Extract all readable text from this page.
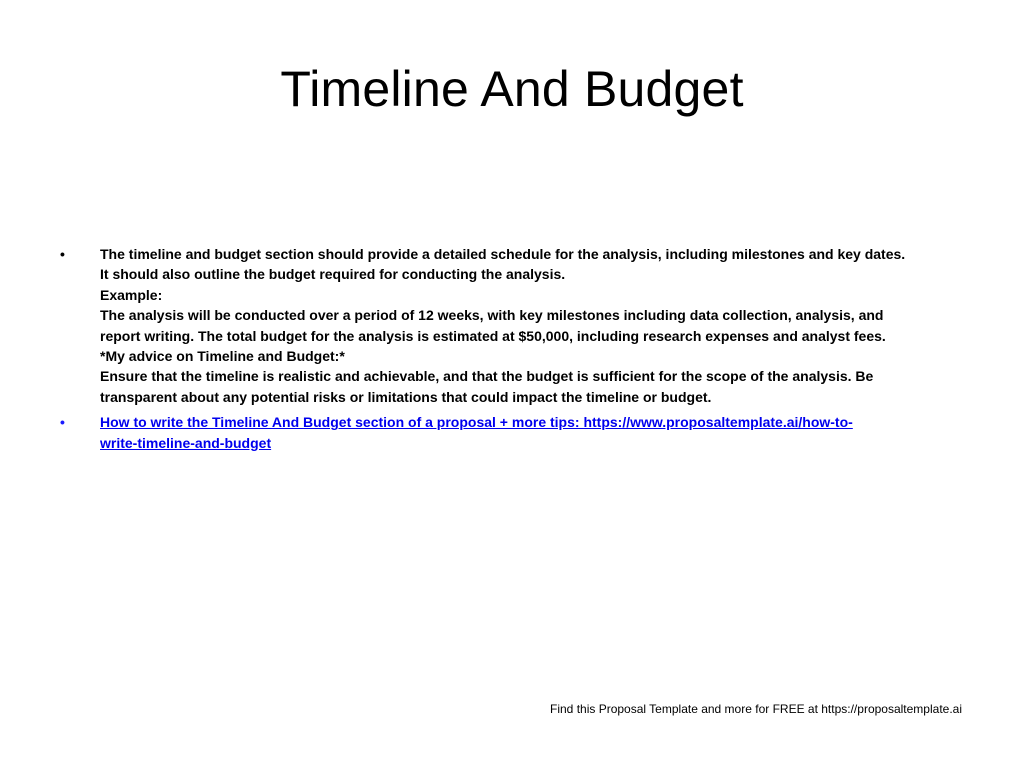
Timeline And Budget
•	The timeline and budget section should provide a detailed schedule for the analysis, including milestones and key dates.
It should also outline the budget required for conducting the analysis.
Example:
The analysis will be conducted over a period of 12 weeks, with key milestones including data collection, analysis, and
report writing. The total budget for the analysis is estimated at $50,000, including research expenses and analyst fees.
*My advice on Timeline and Budget:*
Ensure that the timeline is realistic and achievable, and that the budget is sufficient for the scope of the analysis. Be
transparent about any potential risks or limitations that could impact the timeline or budget.
•	How to write the Timeline And Budget section of a proposal + more tips: https://www.proposaltemplate.ai/how-to-
write-timeline-and-budget
Find this Proposal Template and more for FREE at https://proposaltemplate.ai
